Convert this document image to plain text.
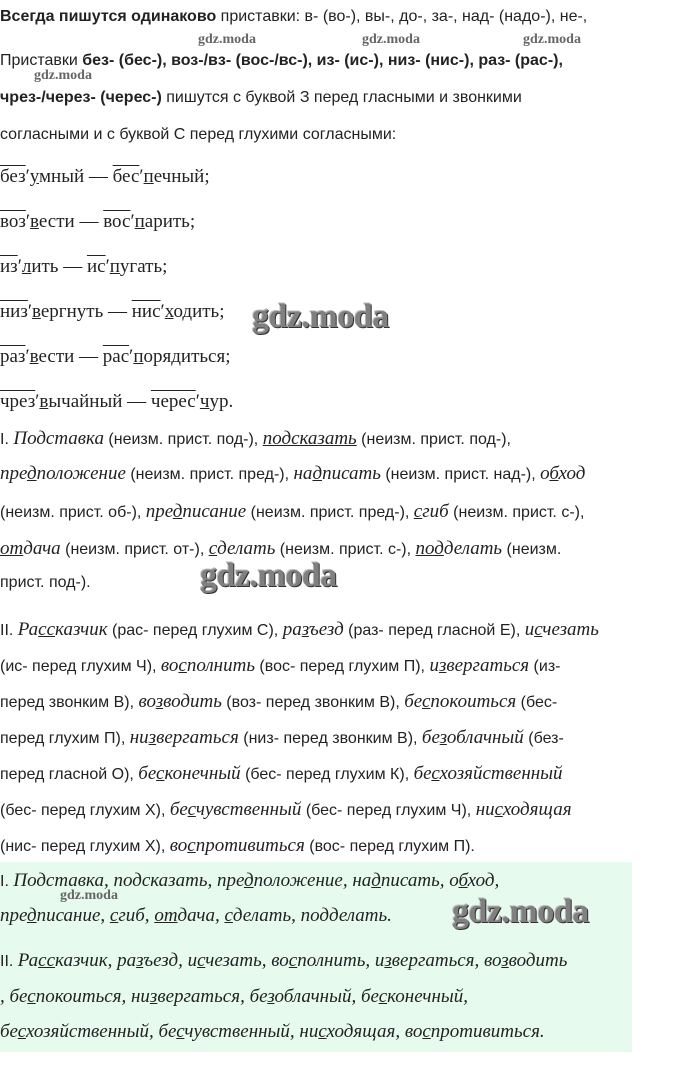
Всегда пишутся одинаково приставки: в- (во-), вы-, до-, за-, над- (надо-), не-,
Приставки без- (бес-), воз-/вз- (вос-/вс-), из- (ис-), низ- (нис-), раз- (рас-),
чрез-/через- (черес-) пишутся с буквой З перед гласными и звонкими
согласными и с буквой С перед глухими согласными:
без′умный — бес′печный;
воз′вести — вос′парить;
из′лить — ис′пугать;
низ′вергнуть — нис′ходить;
раз′вести — рас′порядиться;
чрез′вычайный — черес′чур.
I. Подставка (неизм. прист. под-), подсказать (неизм. прист. под-),
предположение (неизм. прист. пред-), надписать (неизм. прист. над-), обход
(неизм. прист. об-), предписание (неизм. прист. пред-), сгиб (неизм. прист. с-),
отдача (неизм. прист. от-), сделать (неизм. прист. с-), подделать (неизм.
прист. под-).
II. Рассказчик (рас- перед глухим С), разъезд (раз- перед гласной Е), исчезать
(ис- перед глухим Ч), восполнить (вос- перед глухим П), извергаться (из-
перед звонким В), возводить (воз- перед звонким В), беспокоиться (бес-
перед глухим П), низвергаться (низ- перед звонким В), безоблачный (без-
перед гласной О), бесконечный (бес- перед глухим К), бесхозяйственный
(бес- перед глухим Х), бесчувственный (бес- перед глухим Ч), нисходящая
(нис- перед глухим Х), воспротивиться (вос- перед глухим П).
I. Подставка, подсказать, предположение, надписать, обход,
предписание, сгиб, отдача, сделать, подделать.
II. Рассказчик, разъезд, исчезать, восполнить, извергаться, возводить
, беспокоиться, низвергаться, безоблачный, бесконечный,
бесхозяйственный, бесчувственный, нисходящая, воспротивиться.
gdz.moda	gdz.moda	gdz.moda
gdz.moda
gdz.moda
gdz.moda
gdz.moda
gdz.moda
